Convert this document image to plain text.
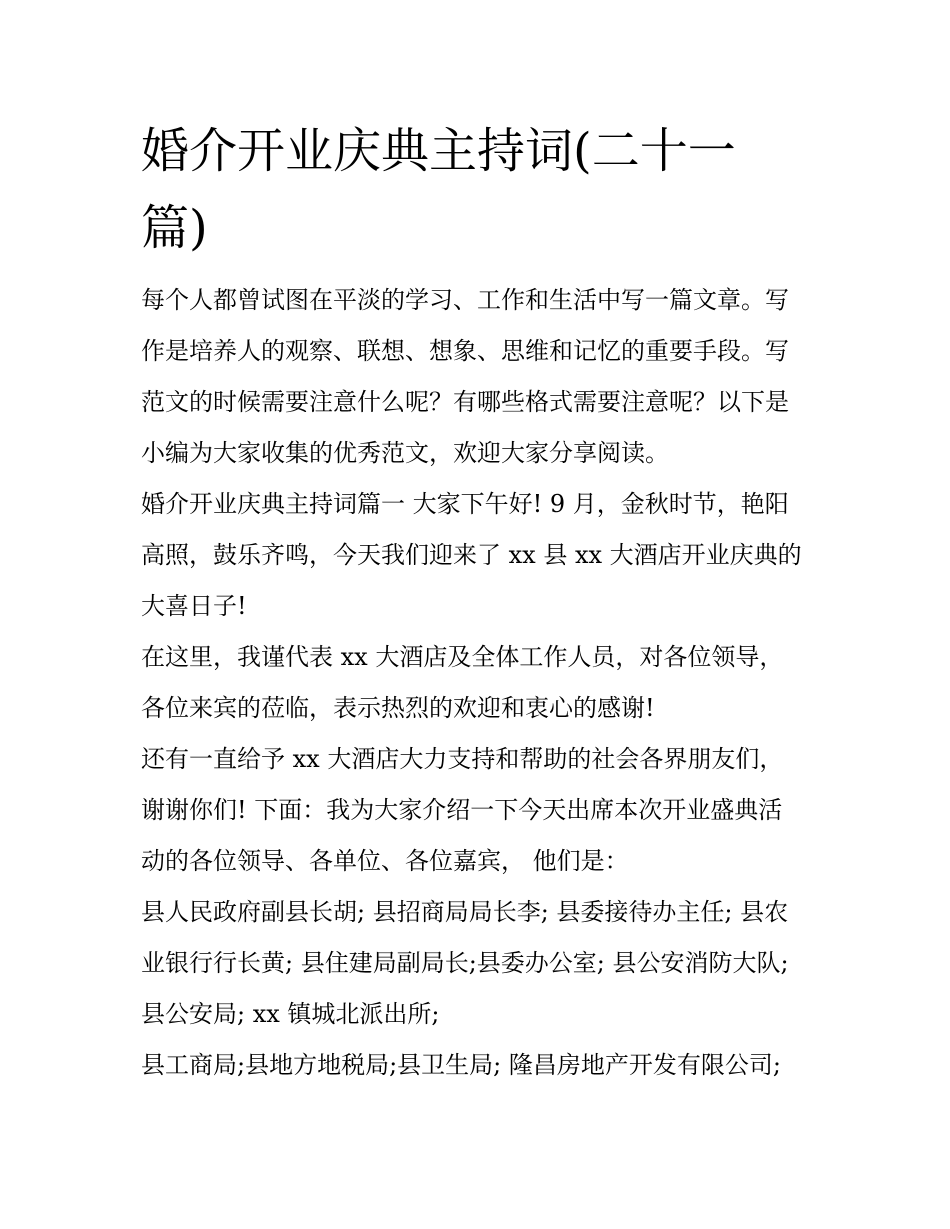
婚介开业庆典主持词(二十一
篇)
每个人都曾试图在平淡的学习、工作和生活中写一篇文章。写
作是培养人的观察、联想、想象、思维和记忆的重要手段。写
范文的时候需要注意什么呢？有哪些格式需要注意呢？以下是
小编为大家收集的优秀范文，欢迎大家分享阅读。
婚介开业庆典主持词篇一 大家下午好! 9 月，金秋时节，艳阳
高照，鼓乐齐鸣，今天我们迎来了 xx 县 xx 大酒店开业庆典的
大喜日子!
在这里，我谨代表 xx 大酒店及全体工作人员，对各位领导，
各位来宾的莅临，表示热烈的欢迎和衷心的感谢!
还有一直给予 xx 大酒店大力支持和帮助的社会各界朋友们，
谢谢你们! 下面：我为大家介绍一下今天出席本次开业盛典活
动的各位领导、各单位、各位嘉宾， 他们是：
县人民政府副县长胡; 县招商局局长李; 县委接待办主任; 县农
业银行行长黄; 县住建局副局长;县委办公室; 县公安消防大队;
县公安局; xx 镇城北派出所;
县工商局;县地方地税局;县卫生局; 隆昌房地产开发有限公司;
